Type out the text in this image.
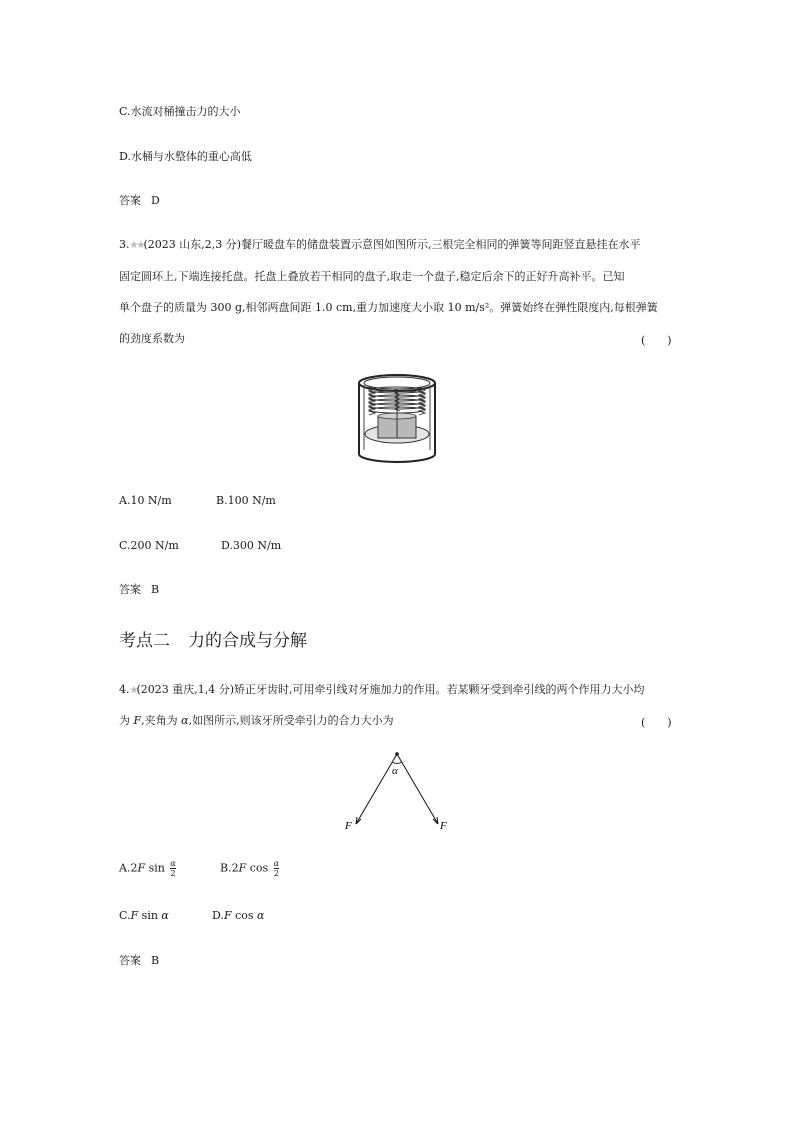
C.水流对桶撞击力的大小
D.水桶与水整体的重心高低
答案 D
3.★★(2023 山东,2,3 分)餐厅暖盘车的储盘装置示意图如图所示,三根完全相同的弹簧等间距竖直悬挂在水平
固定圆环上,下端连接托盘。托盘上叠放若干相同的盘子,取走一个盘子,稳定后余下的正好升高补平。已知
单个盘子的质量为 300 g,相邻两盘间距 1.0 cm,重力加速度大小取 10 m/s²。弹簧始终在弹性限度内,每根弹簧
的劲度系数为	(　　)
A.10 N/m	B.100 N/m
C.200 N/m	D.300 N/m
答案 B
考点二 力的合成与分解
4.★(2023 重庆,1,4 分)矫正牙齿时,可用牵引线对牙施加力的作用。若某颗牙受到牵引线的两个作用力大小均
为 F,夹角为 α,如图所示,则该牙所受牵引力的合力大小为	(　　)
α
F	F
A.2F $\sin \frac{\alpha}{2}$	B.2F $\cos \frac{\alpha}{2}$
C.F sin α	D.F cos α
答案 B
